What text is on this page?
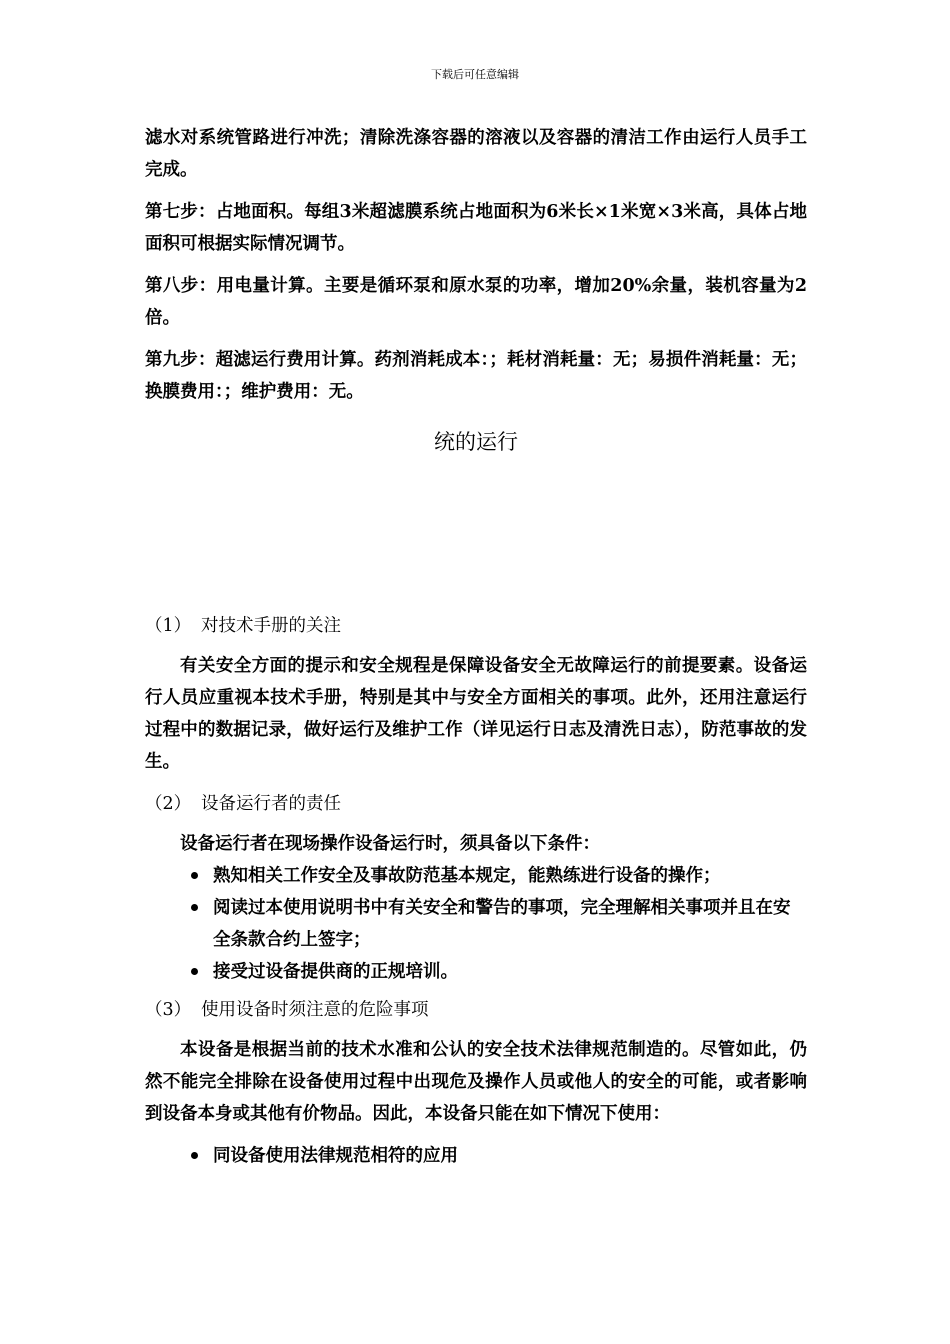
下载后可任意编辑

滤水对系统管路进行冲洗；清除洗涤容器的溶液以及容器的清洁工作由运行人员手工完成。

第七步：占地面积。每组3米超滤膜系统占地面积为6米长×1米宽×3米高，具体占地面积可根据实际情况调节。

第八步：用电量计算。主要是循环泵和原水泵的功率，增加20%余量，装机容量为2倍。

第九步：超滤运行费用计算。药剂消耗成本：；耗材消耗量：无；易损件消耗量：无；换膜费用：；维护费用：无。

统的运行
（1） 对技术手册的关注

有关安全方面的提示和安全规程是保障设备安全无故障运行的前提要素。设备运行人员应重视本技术手册，特别是其中与安全方面相关的事项。此外，还用注意运行过程中的数据记录，做好运行及维护工作（详见运行日志及清洗日志），防范事故的发生。

（2） 设备运行者的责任

设备运行者在现场操作设备运行时，须具备以下条件：

熟知相关工作安全及事故防范基本规定，能熟练进行设备的操作；
阅读过本使用说明书中有关安全和警告的事项，完全理解相关事项并且在安全条款合约上签字；
接受过设备提供商的正规培训。
（3） 使用设备时须注意的危险事项

本设备是根据当前的技术水准和公认的安全技术法律规范制造的。尽管如此，仍然不能完全排除在设备使用过程中出现危及操作人员或他人的安全的可能，或者影响到设备本身或其他有价物品。因此，本设备只能在如下情况下使用：

同设备使用法律规范相符的应用
